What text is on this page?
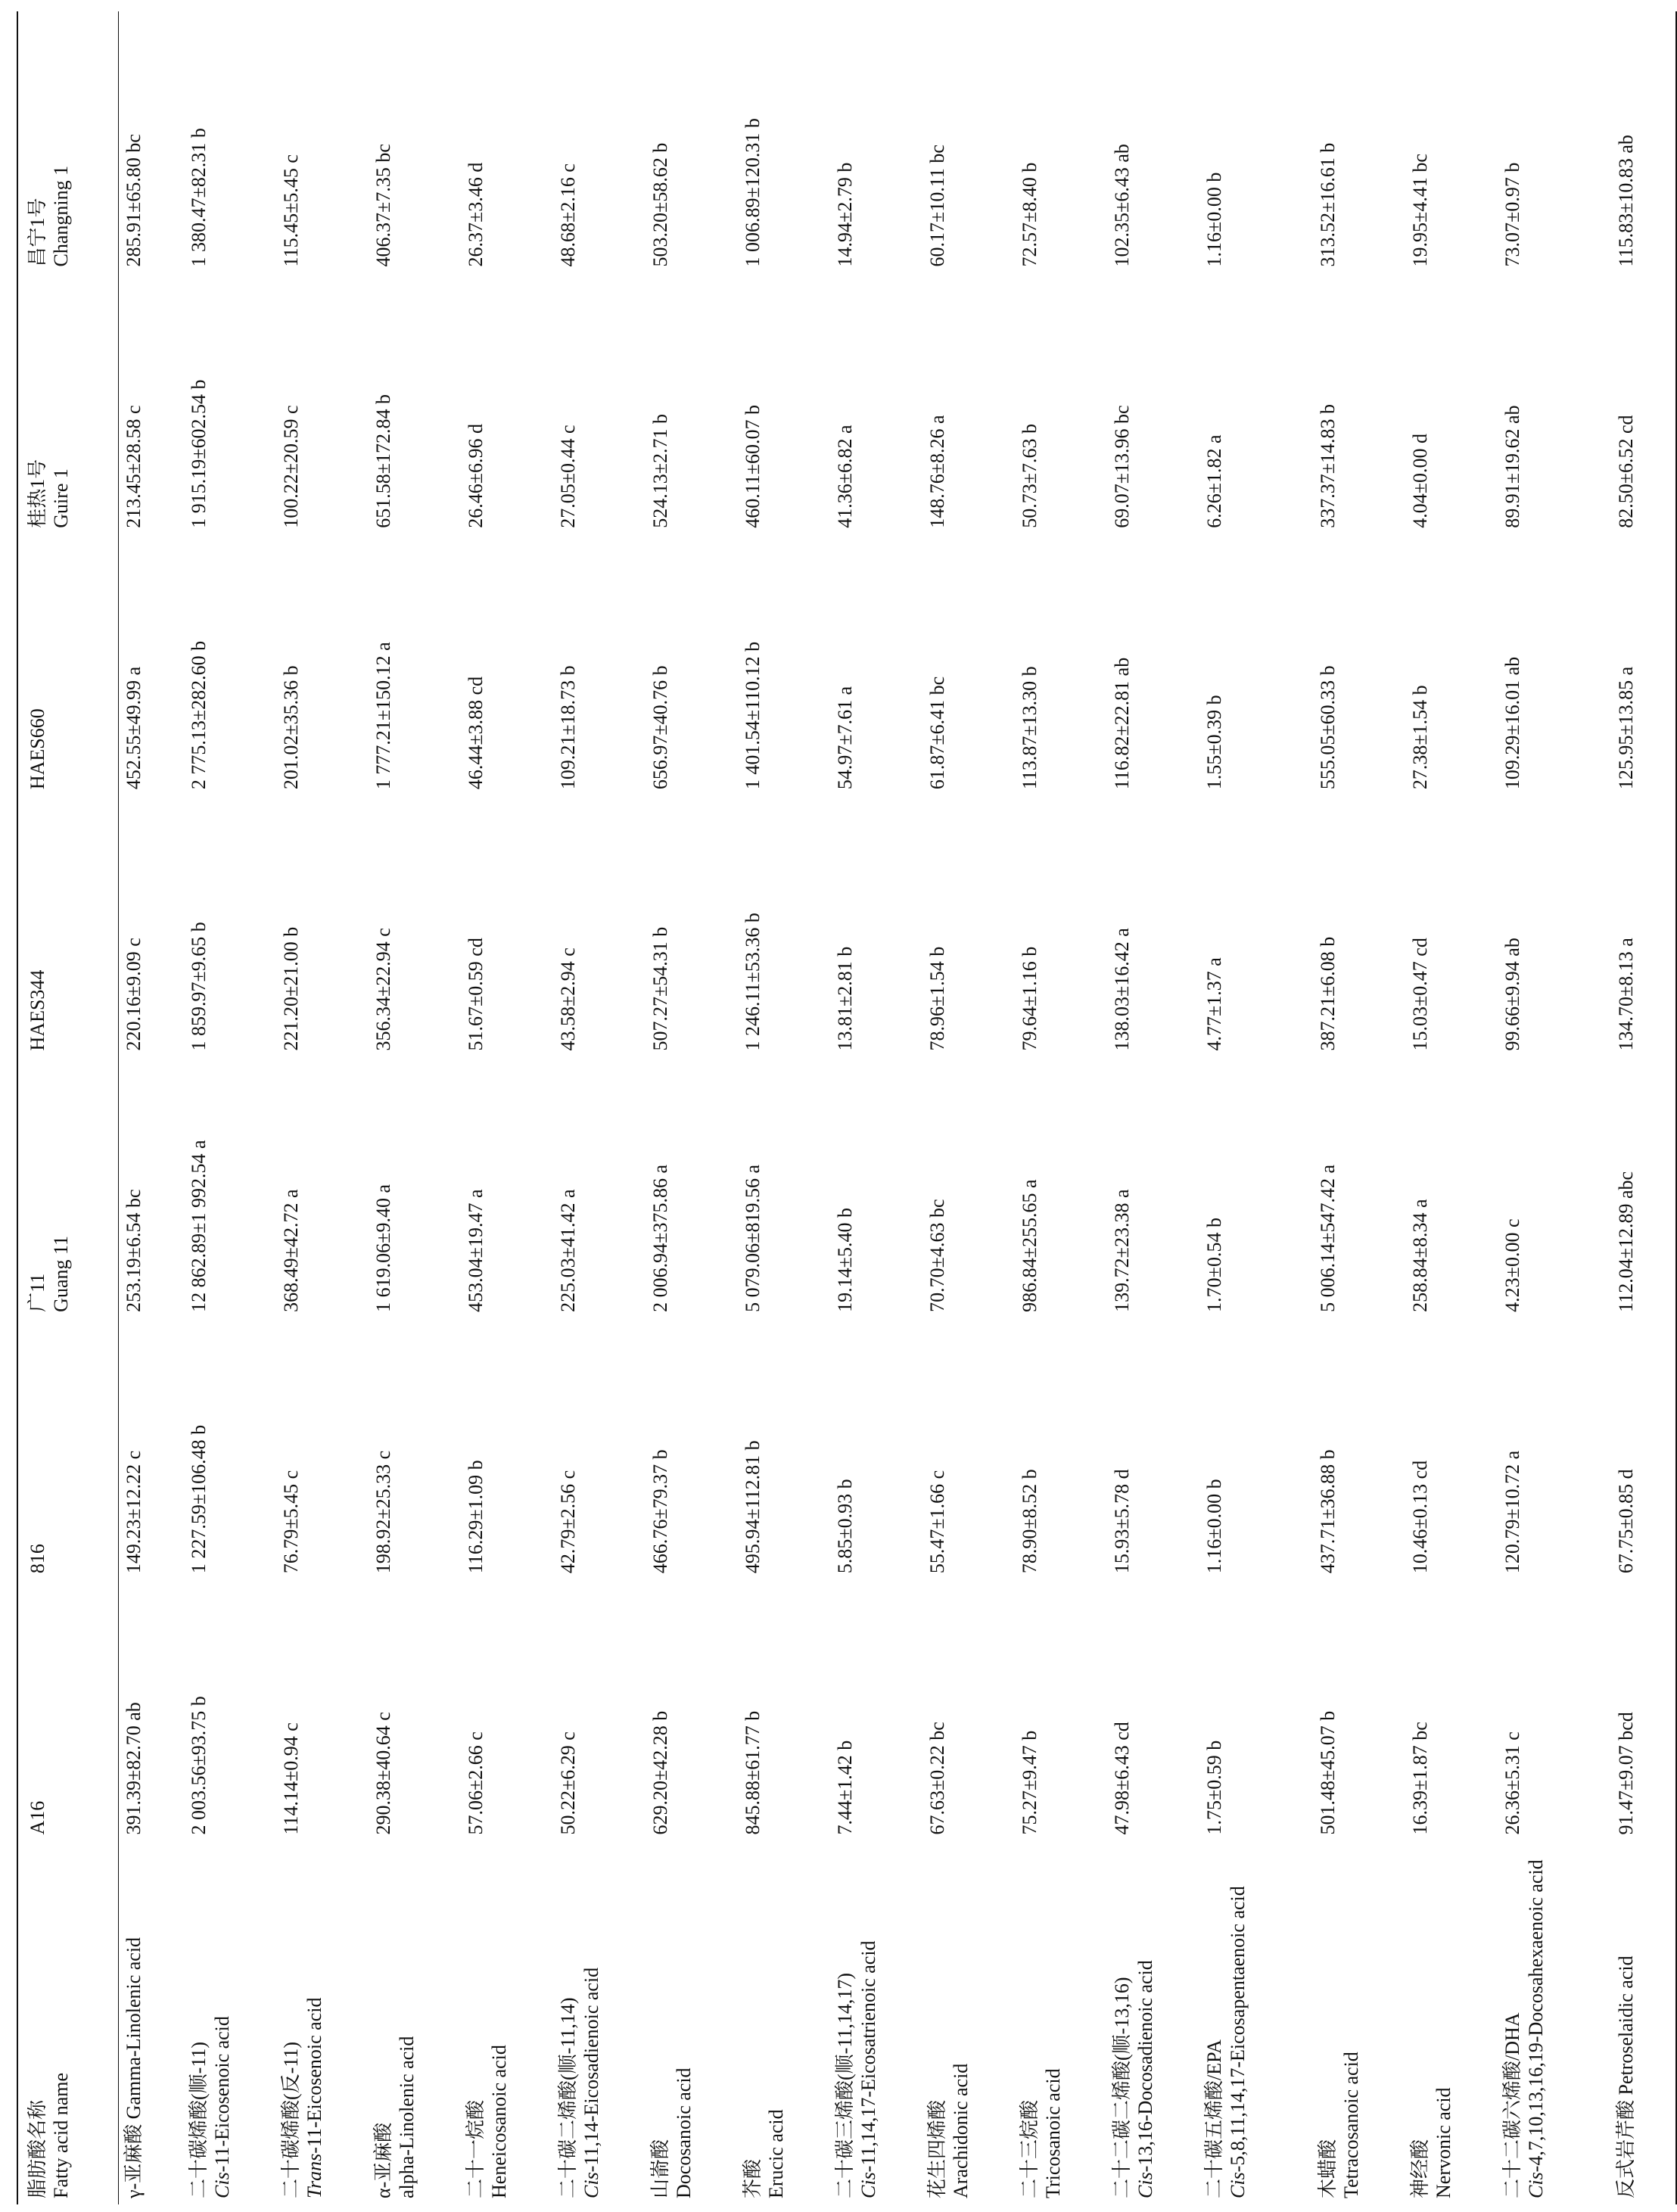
脂肪酸名称 Fatty acid name	A16	816	广11 Guang 11	HAES344	HAES660	桂热1号 Guire 1	昌宁1号 Changning 1

γ-亚麻酸 Gamma-Linolenic acid	391.39±82.70 ab	149.23±12.22 c	253.19±6.54 bc	220.16±9.09 c	452.55±49.99 a	213.45±28.58 c	285.91±65.80 bc

二十碳烯酸(顺-11) Cis-11-Eicosenoic acid	2 003.56±93.75 b	1 227.59±106.48 b	12 862.89±1 992.54 a	1 859.97±9.65 b	2 775.13±282.60 b	1 915.19±602.54 b	1 380.47±82.31 b

二十碳烯酸(反-11) Trans-11-Eicosenoic acid	114.14±0.94 c	76.79±5.45 c	368.49±42.72 a	221.20±21.00 b	201.02±35.36 b	100.22±20.59 c	115.45±5.45 c

α-亚麻酸 alpha-Linolenic acid	290.38±40.64 c	198.92±25.33 c	1 619.06±9.40 a	356.34±22.94 c	1 777.21±150.12 a	651.58±172.84 b	406.37±7.35 bc

二十一烷酸 Heneicosanoic acid	57.06±2.66 c	116.29±1.09 b	453.04±19.47 a	51.67±0.59 cd	46.44±3.88 cd	26.46±6.96 d	26.37±3.46 d

二十碳二烯酸(顺-11,14) Cis-11,14-Eicosadienoic acid	50.22±6.29 c	42.79±2.56 c	225.03±41.42 a	43.58±2.94 c	109.21±18.73 b	27.05±0.44 c	48.68±2.16 c

山嵛酸 Docosanoic acid	629.20±42.28 b	466.76±79.37 b	2 006.94±375.86 a	507.27±54.31 b	656.97±40.76 b	524.13±2.71 b	503.20±58.62 b

芥酸 Erucic acid	845.88±61.77 b	495.94±112.81 b	5 079.06±819.56 a	1 246.11±53.36 b	1 401.54±110.12 b	460.11±60.07 b	1 006.89±120.31 b

二十碳三烯酸(顺-11,14,17) Cis-11,14,17-Eicosatrienoic acid	7.44±1.42 b	5.85±0.93 b	19.14±5.40 b	13.81±2.81 b	54.97±7.61 a	41.36±6.82 a	14.94±2.79 b

花生四烯酸 Arachidonic acid	67.63±0.22 bc	55.47±1.66 c	70.70±4.63 bc	78.96±1.54 b	61.87±6.41 bc	148.76±8.26 a	60.17±10.11 bc

二十三烷酸 Tricosanoic acid	75.27±9.47 b	78.90±8.52 b	986.84±255.65 a	79.64±1.16 b	113.87±13.30 b	50.73±7.63 b	72.57±8.40 b

二十二碳二烯酸(顺-13,16) Cis-13,16-Docosadienoic acid	47.98±6.43 cd	15.93±5.78 d	139.72±23.38 a	138.03±16.42 a	116.82±22.81 ab	69.07±13.96 bc	102.35±6.43 ab

二十碳五烯酸/EPA Cis-5,8,11,14,17-Eicosapentaenoic acid	1.75±0.59 b	1.16±0.00 b	1.70±0.54 b	4.77±1.37 a	1.55±0.39 b	6.26±1.82 a	1.16±0.00 b

木蜡酸 Tetracosanoic acid	501.48±45.07 b	437.71±36.88 b	5 006.14±547.42 a	387.21±6.08 b	555.05±60.33 b	337.37±14.83 b	313.52±16.61 b

神经酸 Nervonic acid	16.39±1.87 bc	10.46±0.13 cd	258.84±8.34 a	15.03±0.47 cd	27.38±1.54 b	4.04±0.00 d	19.95±4.41 bc

二十二碳六烯酸/DHA Cis-4,7,10,13,16,19-Docosahexaenoic acid	26.36±5.31 c	120.79±10.72 a	4.23±0.00 c	99.66±9.94 ab	109.29±16.01 ab	89.91±19.62 ab	73.07±0.97 b

反式岩芹酸 Petroselaidic acid	91.47±9.07 bcd	67.75±0.85 d	112.04±12.89 abc	134.70±8.13 a	125.95±13.85 a	82.50±6.52 cd	115.83±10.83 ab
